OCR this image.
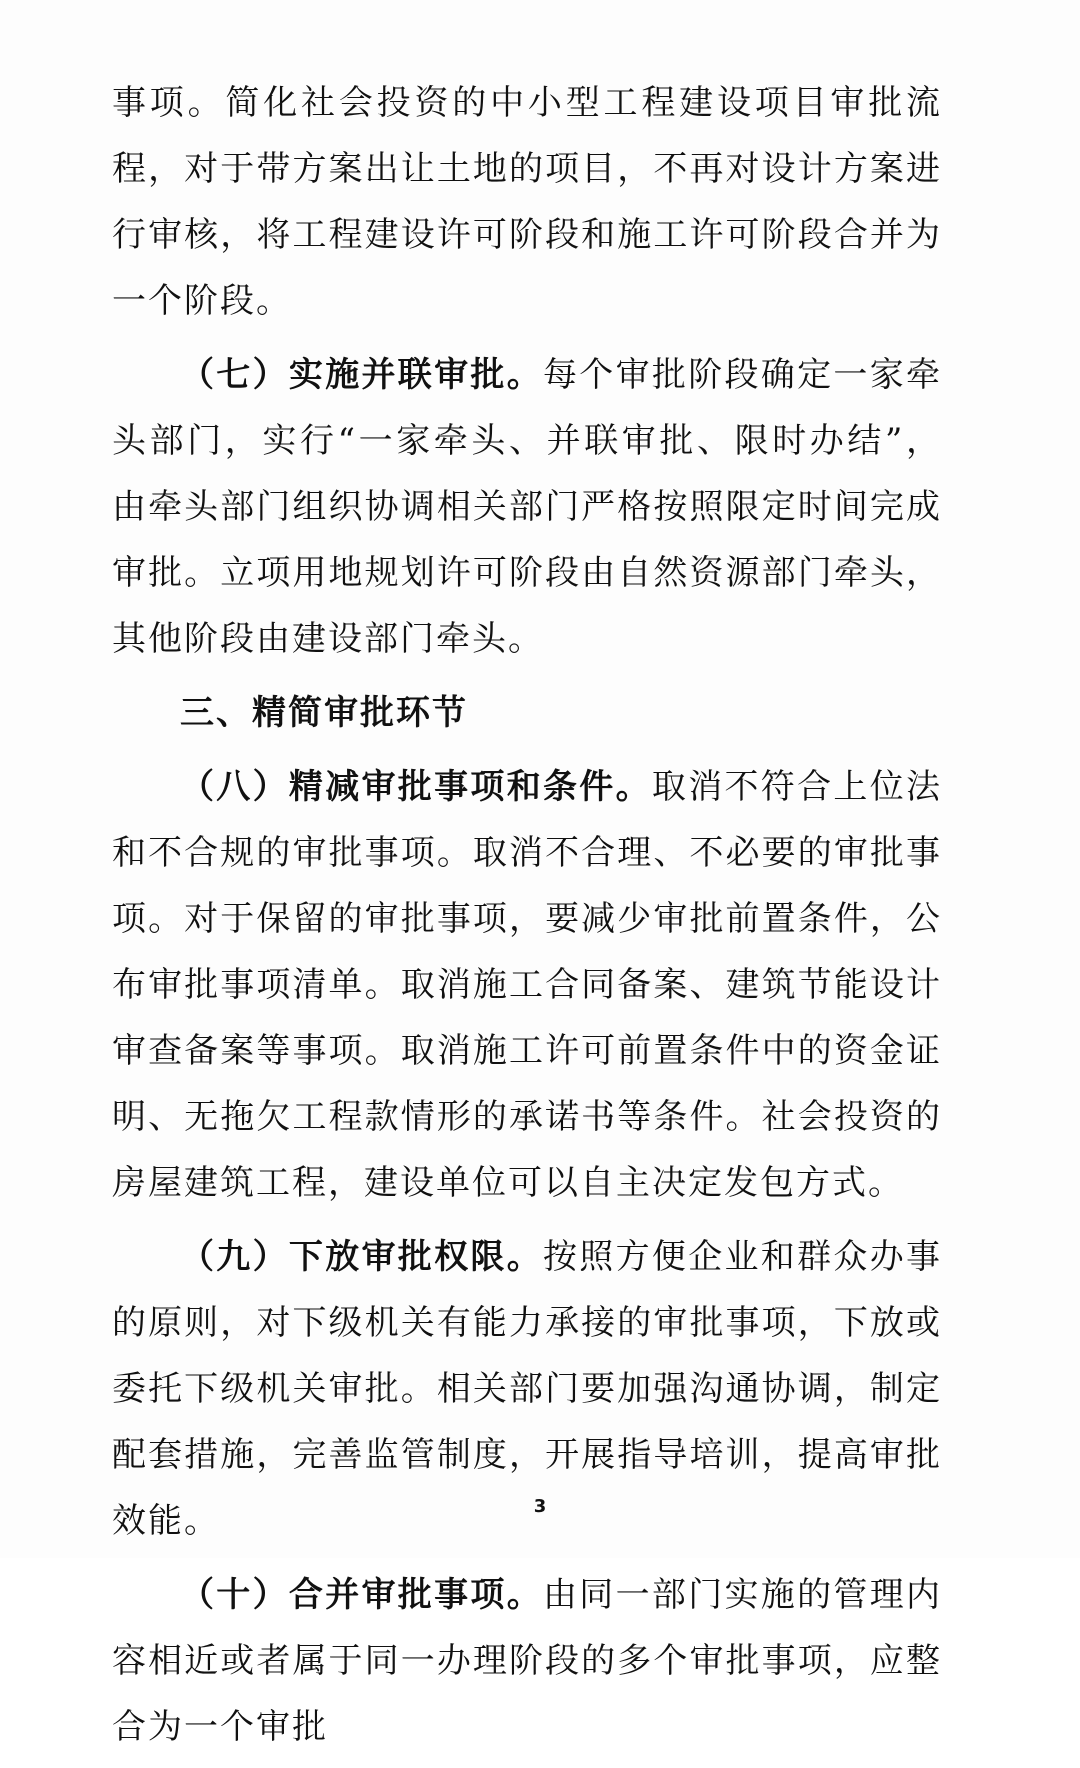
事项。简化社会投资的中小型工程建设项目审批流程，对于带方案出让土地的项目，不再对设计方案进行审核，将工程建设许可阶段和施工许可阶段合并为一个阶段。

（七）实施并联审批。每个审批阶段确定一家牵头部门，实行“一家牵头、并联审批、限时办结”，由牵头部门组织协调相关部门严格按照限定时间完成审批。立项用地规划许可阶段由自然资源部门牵头，其他阶段由建设部门牵头。

三、精简审批环节

（八）精减审批事项和条件。取消不符合上位法和不合规的审批事项。取消不合理、不必要的审批事项。对于保留的审批事项，要减少审批前置条件，公布审批事项清单。取消施工合同备案、建筑节能设计审查备案等事项。取消施工许可前置条件中的资金证明、无拖欠工程款情形的承诺书等条件。社会投资的房屋建筑工程，建设单位可以自主决定发包方式。

（九）下放审批权限。按照方便企业和群众办事的原则，对下级机关有能力承接的审批事项，下放或委托下级机关审批。相关部门要加强沟通协调，制定配套措施，完善监管制度，开展指导培训，提高审批效能。

（十）合并审批事项。由同一部门实施的管理内容相近或者属于同一办理阶段的多个审批事项，应整合为一个审批

3
